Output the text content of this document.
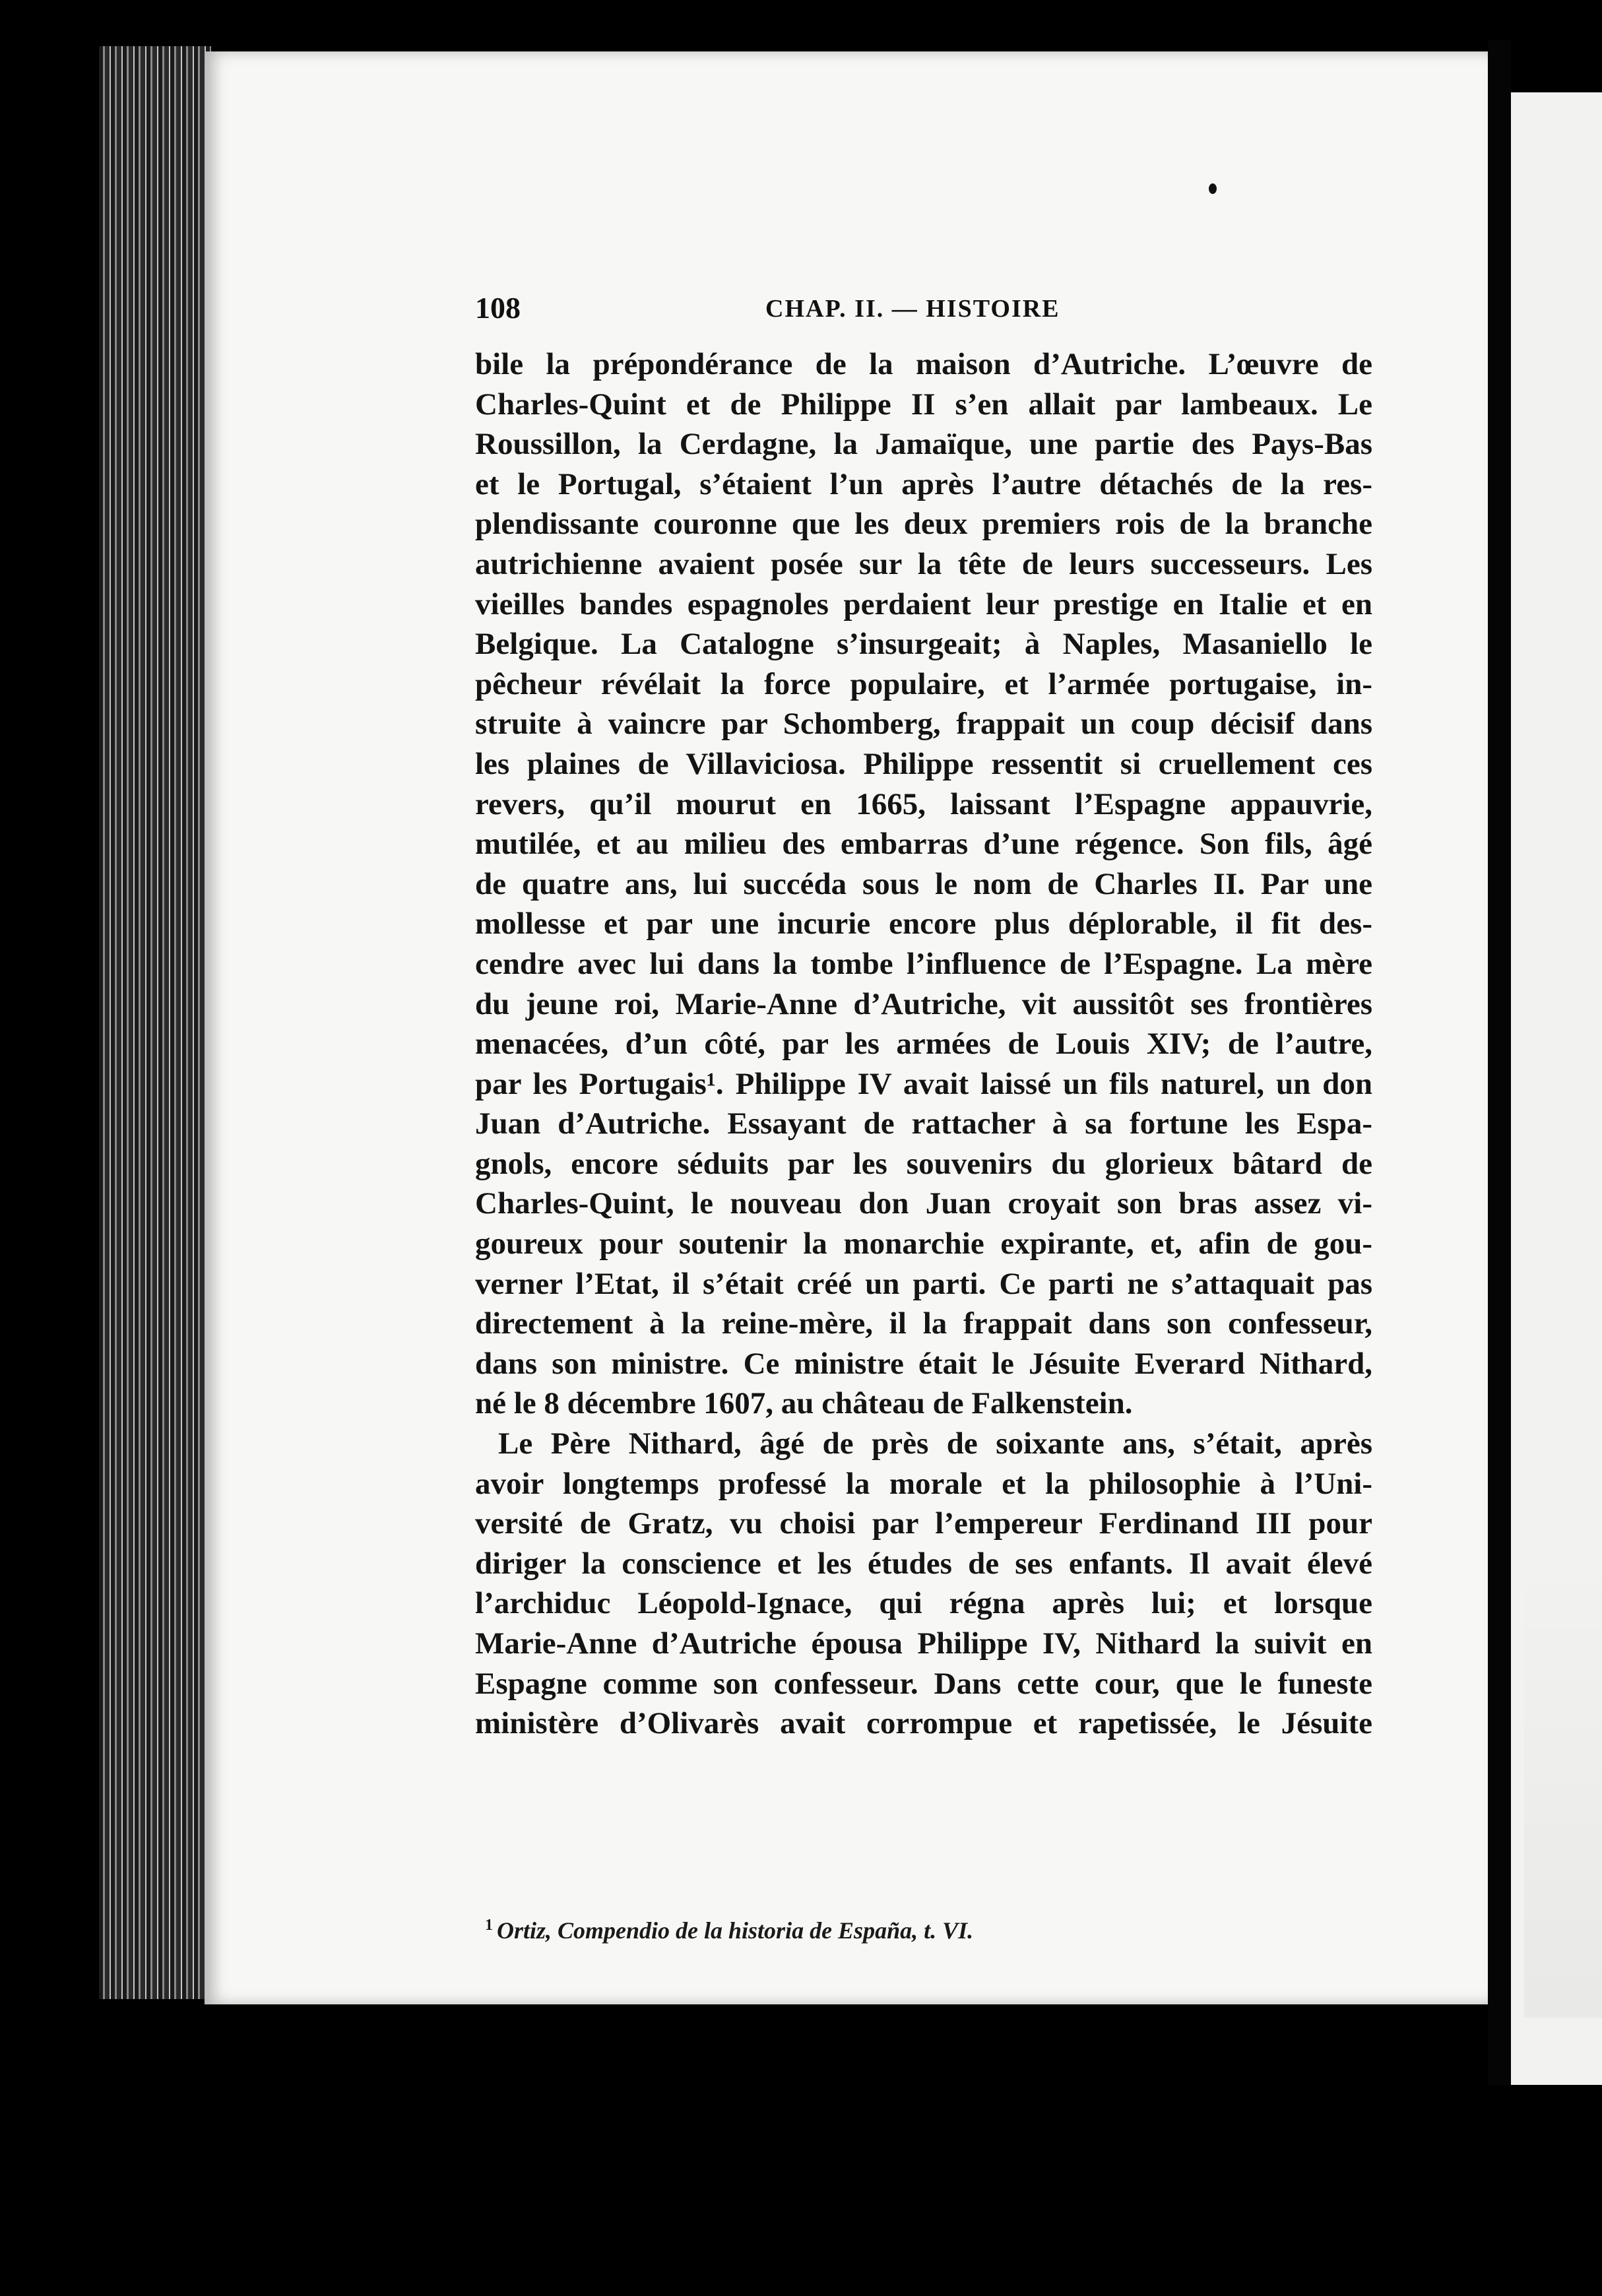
CHAP. II. — HISTOIRE
108
bile la prépondérance de la maison d’Autriche. L’œuvre de
Charles-Quint et de Philippe II s’en allait par lambeaux. Le
Roussillon, la Cerdagne, la Jamaïque, une partie des Pays-Bas
et le Portugal, s’étaient l’un après l’autre détachés de la res-
plendissante couronne que les deux premiers rois de la branche
autrichienne avaient posée sur la tête de leurs successeurs. Les
vieilles bandes espagnoles perdaient leur prestige en Italie et en
Belgique. La Catalogne s’insurgeait; à Naples, Masaniello le
pêcheur révélait la force populaire, et l’armée portugaise, in-
struite à vaincre par Schomberg, frappait un coup décisif dans
les plaines de Villaviciosa. Philippe ressentit si cruellement ces
revers, qu’il mourut en 1665, laissant l’Espagne appauvrie,
mutilée, et au milieu des embarras d’une régence. Son fils, âgé
de quatre ans, lui succéda sous le nom de Charles II. Par une
mollesse et par une incurie encore plus déplorable, il fit des-
cendre avec lui dans la tombe l’influence de l’Espagne. La mère
du jeune roi, Marie-Anne d’Autriche, vit aussitôt ses frontières
menacées, d’un côté, par les armées de Louis XIV; de l’autre,
par les Portugais¹. Philippe IV avait laissé un fils naturel, un don
Juan d’Autriche. Essayant de rattacher à sa fortune les Espa-
gnols, encore séduits par les souvenirs du glorieux bâtard de
Charles-Quint, le nouveau don Juan croyait son bras assez vi-
goureux pour soutenir la monarchie expirante, et, afin de gou-
verner l’Etat, il s’était créé un parti. Ce parti ne s’attaquait pas
directement à la reine-mère, il la frappait dans son confesseur,
dans son ministre. Ce ministre était le Jésuite Everard Nithard,
né le 8 décembre 1607, au château de Falkenstein.
Le Père Nithard, âgé de près de soixante ans, s’était, après
avoir longtemps professé la morale et la philosophie à l’Uni-
versité de Gratz, vu choisi par l’empereur Ferdinand III pour
diriger la conscience et les études de ses enfants. Il avait élevé
l’archiduc Léopold-Ignace, qui régna après lui; et lorsque
Marie-Anne d’Autriche épousa Philippe IV, Nithard la suivit en
Espagne comme son confesseur. Dans cette cour, que le funeste
ministère d’Olivarès avait corrompue et rapetissée, le Jésuite
$^1$ Ortiz, Compendio de la historia de España, t. VI.
